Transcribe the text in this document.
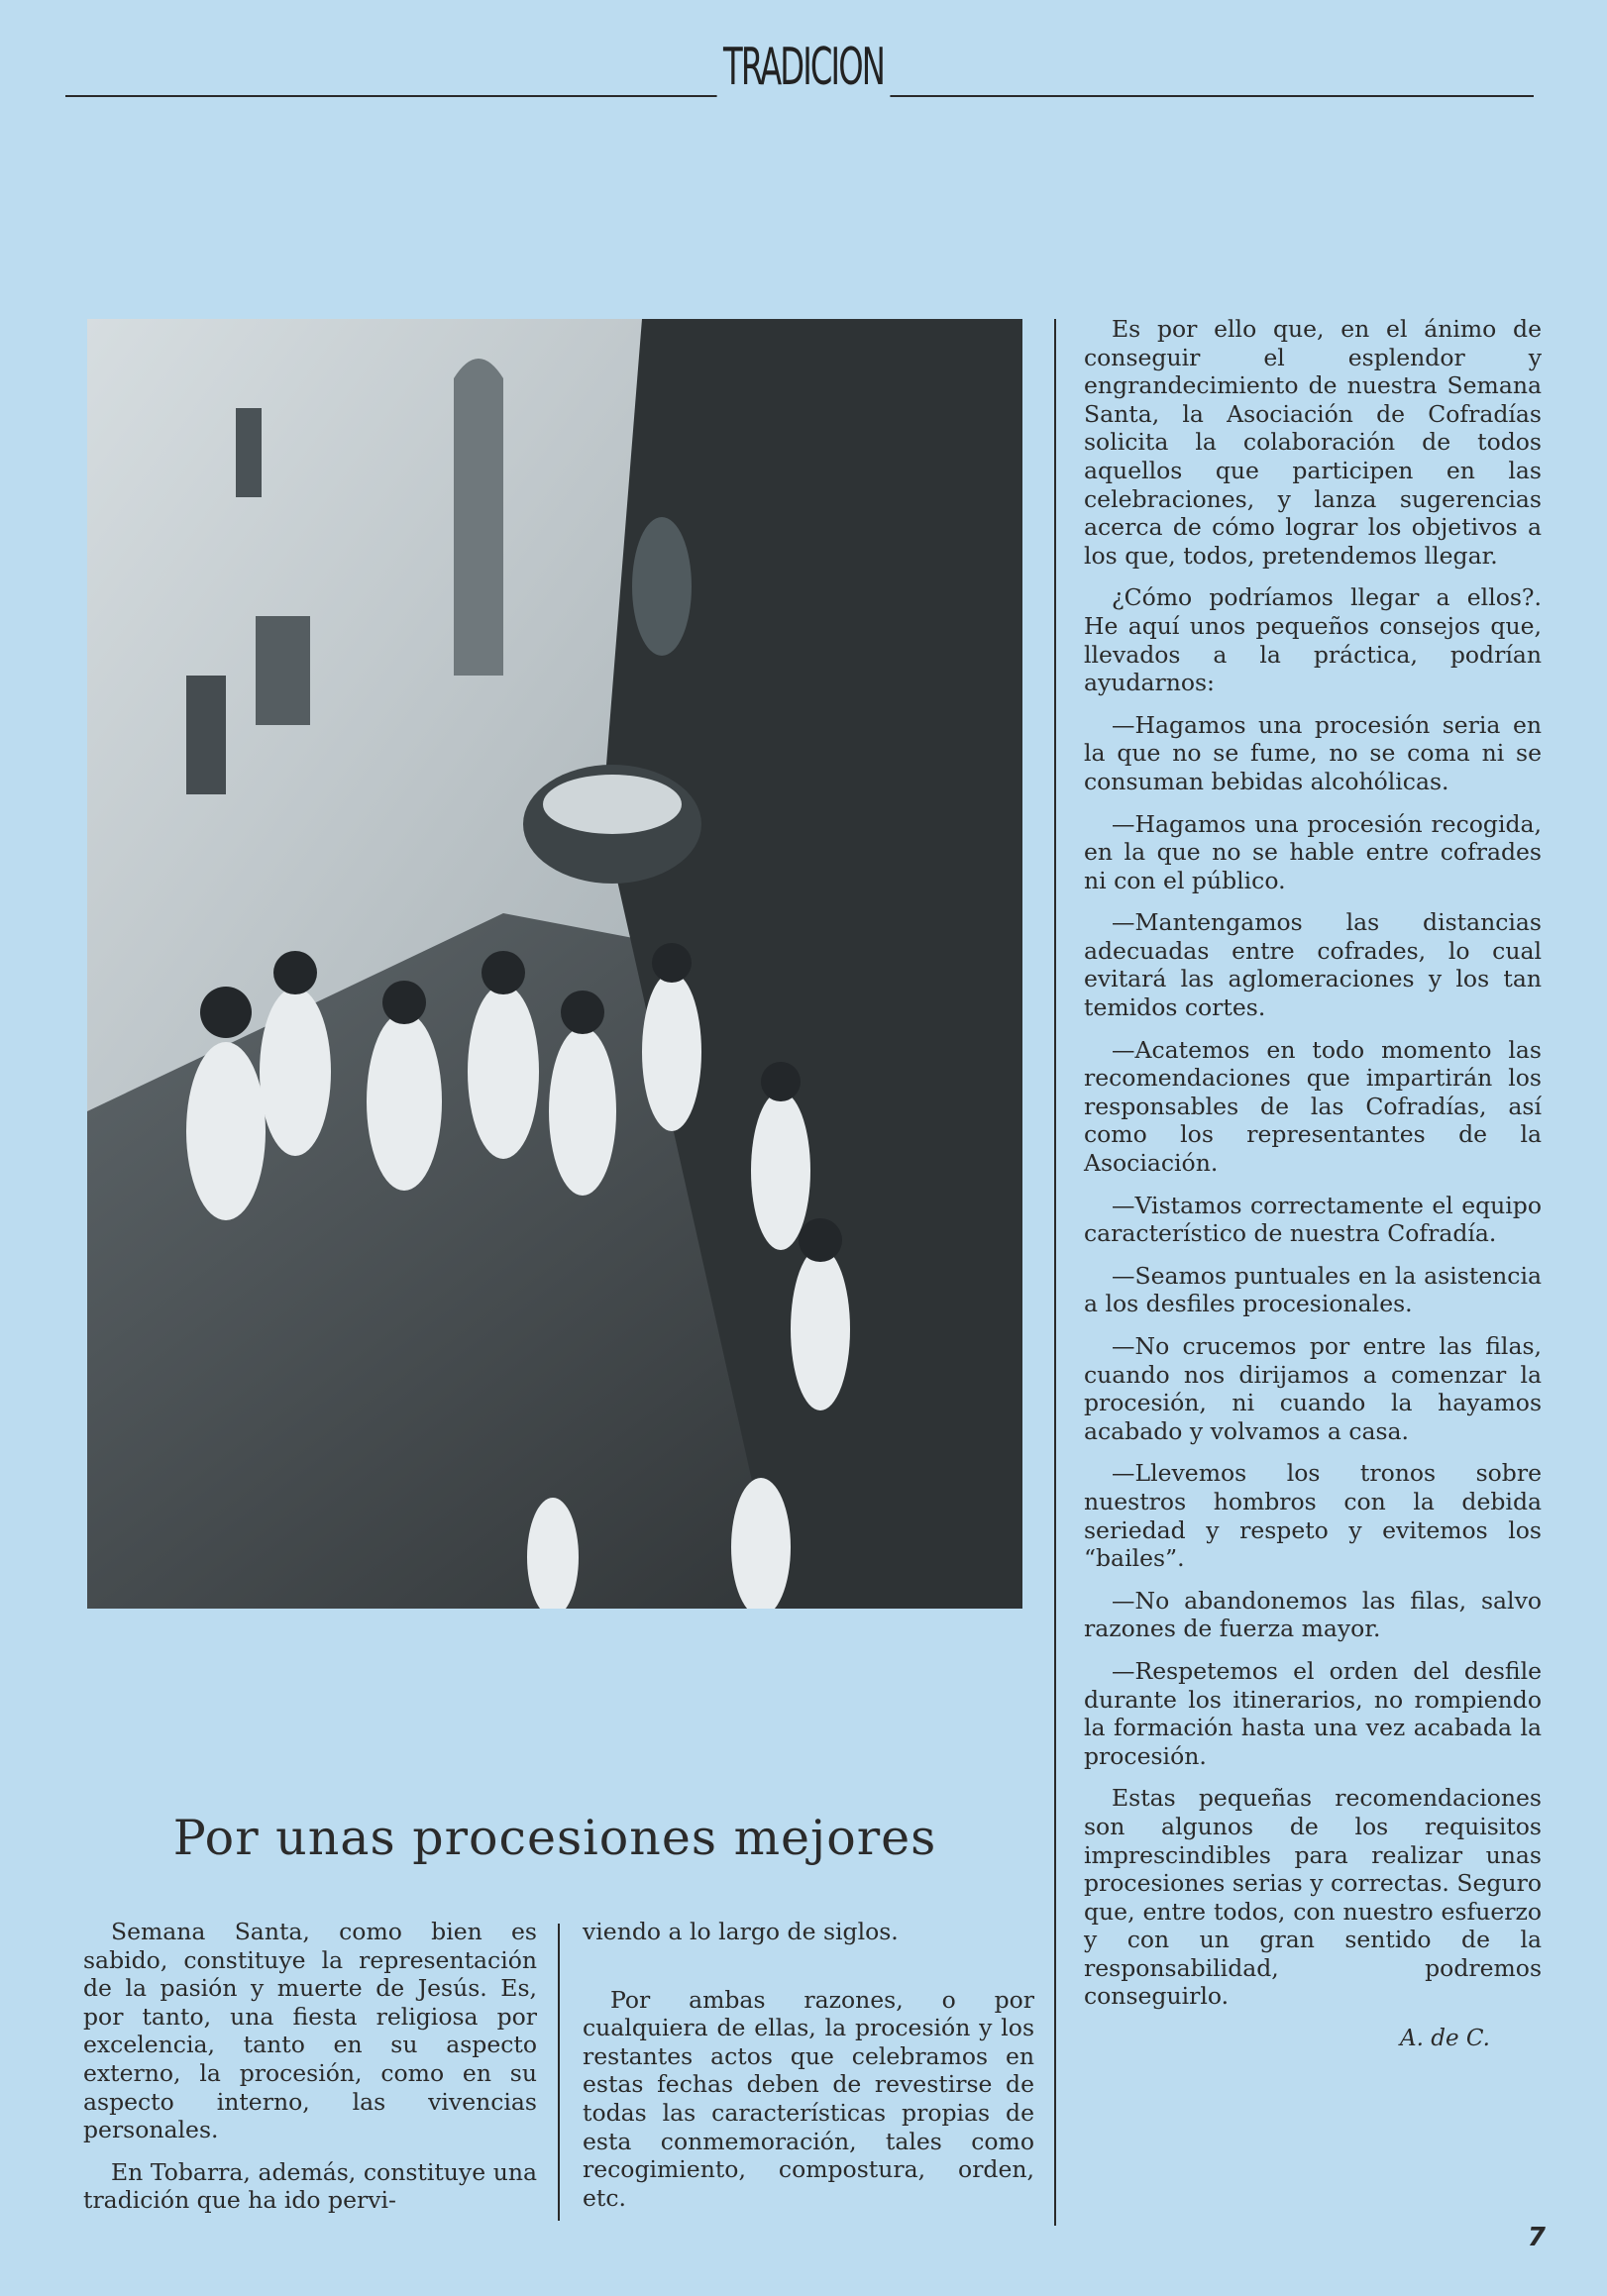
TRADICION
Por unas procesiones mejores

Semana Santa, como bien es sabido, constituye la representación de la pasión y muerte de Jesús. Es, por tanto, una fiesta religiosa por excelencia, tanto en su aspecto externo, la procesión, como en su aspecto interno, las vivencias personales.

En Tobarra, además, constituye una tradición que ha ido pervi-

viendo a lo largo de siglos.

Por ambas razones, o por cualquiera de ellas, la procesión y los restantes actos que celebramos en estas fechas deben de revestirse de todas las características propias de esta conmemoración, tales como recogimiento, compostura, orden, etc.

Es por ello que, en el ánimo de conseguir el esplendor y engrandecimiento de nuestra Semana Santa, la Asociación de Cofradías solicita la colaboración de todos aquellos que participen en las celebraciones, y lanza sugerencias acerca de cómo lograr los objetivos a los que, todos, pretendemos llegar.

¿Cómo podríamos llegar a ellos?. He aquí unos pequeños consejos que, llevados a la práctica, podrían ayudarnos:

—Hagamos una procesión seria en la que no se fume, no se coma ni se consuman bebidas alcohólicas.

—Hagamos una procesión recogida, en la que no se hable entre cofrades ni con el público.

—Mantengamos las distancias adecuadas entre cofrades, lo cual evitará las aglomeraciones y los tan temidos cortes.

—Acatemos en todo momento las recomendaciones que impartirán los responsables de las Cofradías, así como los representantes de la Asociación.

—Vistamos correctamente el equipo característico de nuestra Cofradía.

—Seamos puntuales en la asistencia a los desfiles procesionales.

—No crucemos por entre las filas, cuando nos dirijamos a comenzar la procesión, ni cuando la hayamos acabado y volvamos a casa.

—Llevemos los tronos sobre nuestros hombros con la debida seriedad y respeto y evitemos los “bailes”.

—No abandonemos las filas, salvo razones de fuerza mayor.

—Respetemos el orden del desfile durante los itinerarios, no rompiendo la formación hasta una vez acabada la procesión.

Estas pequeñas recomendaciones son algunos de los requisitos imprescindibles para realizar unas procesiones serias y correctas. Seguro que, entre todos, con nuestro esfuerzo y con un gran sentido de la responsabilidad, podremos conseguirlo.

A. de C.

7
